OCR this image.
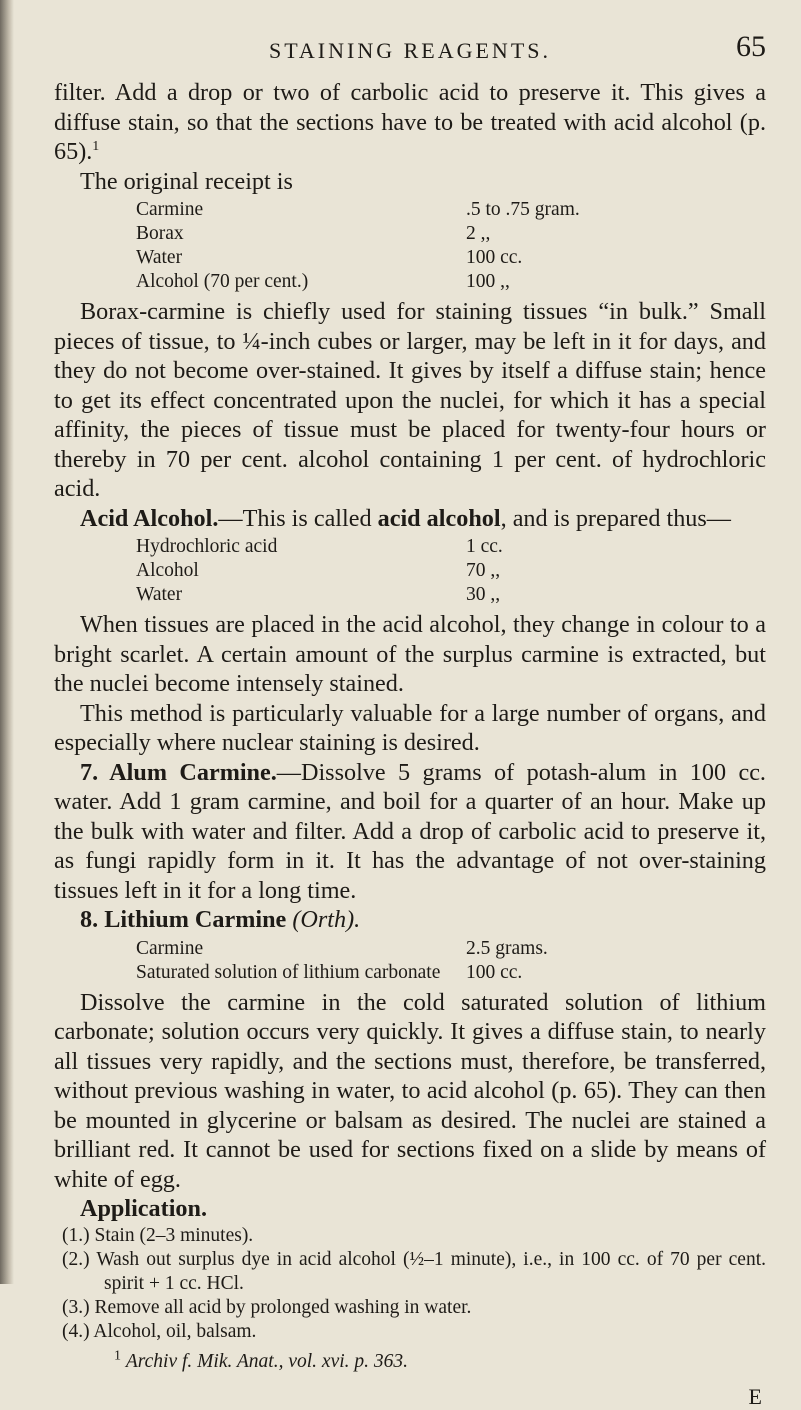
STAINING REAGENTS.	65

filter. Add a drop or two of carbolic acid to preserve it. This gives a diffuse stain, so that the sections have to be treated with acid alcohol (p. 65).$^1$

The original receipt is

Carmine	.5 to .75 gram.
Borax	2 ,,
Water	100 cc.
Alcohol (70 per cent.)	100 ,,

Borax-carmine is chiefly used for staining tissues “in bulk.” Small pieces of tissue, to ¼-inch cubes or larger, may be left in it for days, and they do not become over-stained. It gives by itself a diffuse stain; hence to get its effect concentrated upon the nuclei, for which it has a special affinity, the pieces of tissue must be placed for twenty-four hours or thereby in 70 per cent. alcohol containing 1 per cent. of hydrochloric acid.

Acid Alcohol.—This is called acid alcohol, and is prepared thus—

Hydrochloric acid	1 cc.
Alcohol	70 ,,
Water	30 ,,

When tissues are placed in the acid alcohol, they change in colour to a bright scarlet. A certain amount of the surplus carmine is extracted, but the nuclei become intensely stained.

This method is particularly valuable for a large number of organs, and especially where nuclear staining is desired.

7. Alum Carmine.—Dissolve 5 grams of potash-alum in 100 cc. water. Add 1 gram carmine, and boil for a quarter of an hour. Make up the bulk with water and filter. Add a drop of carbolic acid to preserve it, as fungi rapidly form in it. It has the advantage of not over-staining tissues left in it for a long time.

8. Lithium Carmine (Orth).

Carmine	2.5 grams.
Saturated solution of lithium carbonate	100 cc.

Dissolve the carmine in the cold saturated solution of lithium carbonate; solution occurs very quickly. It gives a diffuse stain, to nearly all tissues very rapidly, and the sections must, therefore, be transferred, without previous washing in water, to acid alcohol (p. 65). They can then be mounted in glycerine or balsam as desired. The nuclei are stained a brilliant red. It cannot be used for sections fixed on a slide by means of white of egg.

Application.

(1.) Stain (2–3 minutes).

(2.) Wash out surplus dye in acid alcohol (½–1 minute), i.e., in 100 cc. of 70 per cent. spirit + 1 cc. HCl.

(3.) Remove all acid by prolonged washing in water.

(4.) Alcohol, oil, balsam.

$^1$ Archiv f. Mik. Anat., vol. xvi. p. 363.
E
